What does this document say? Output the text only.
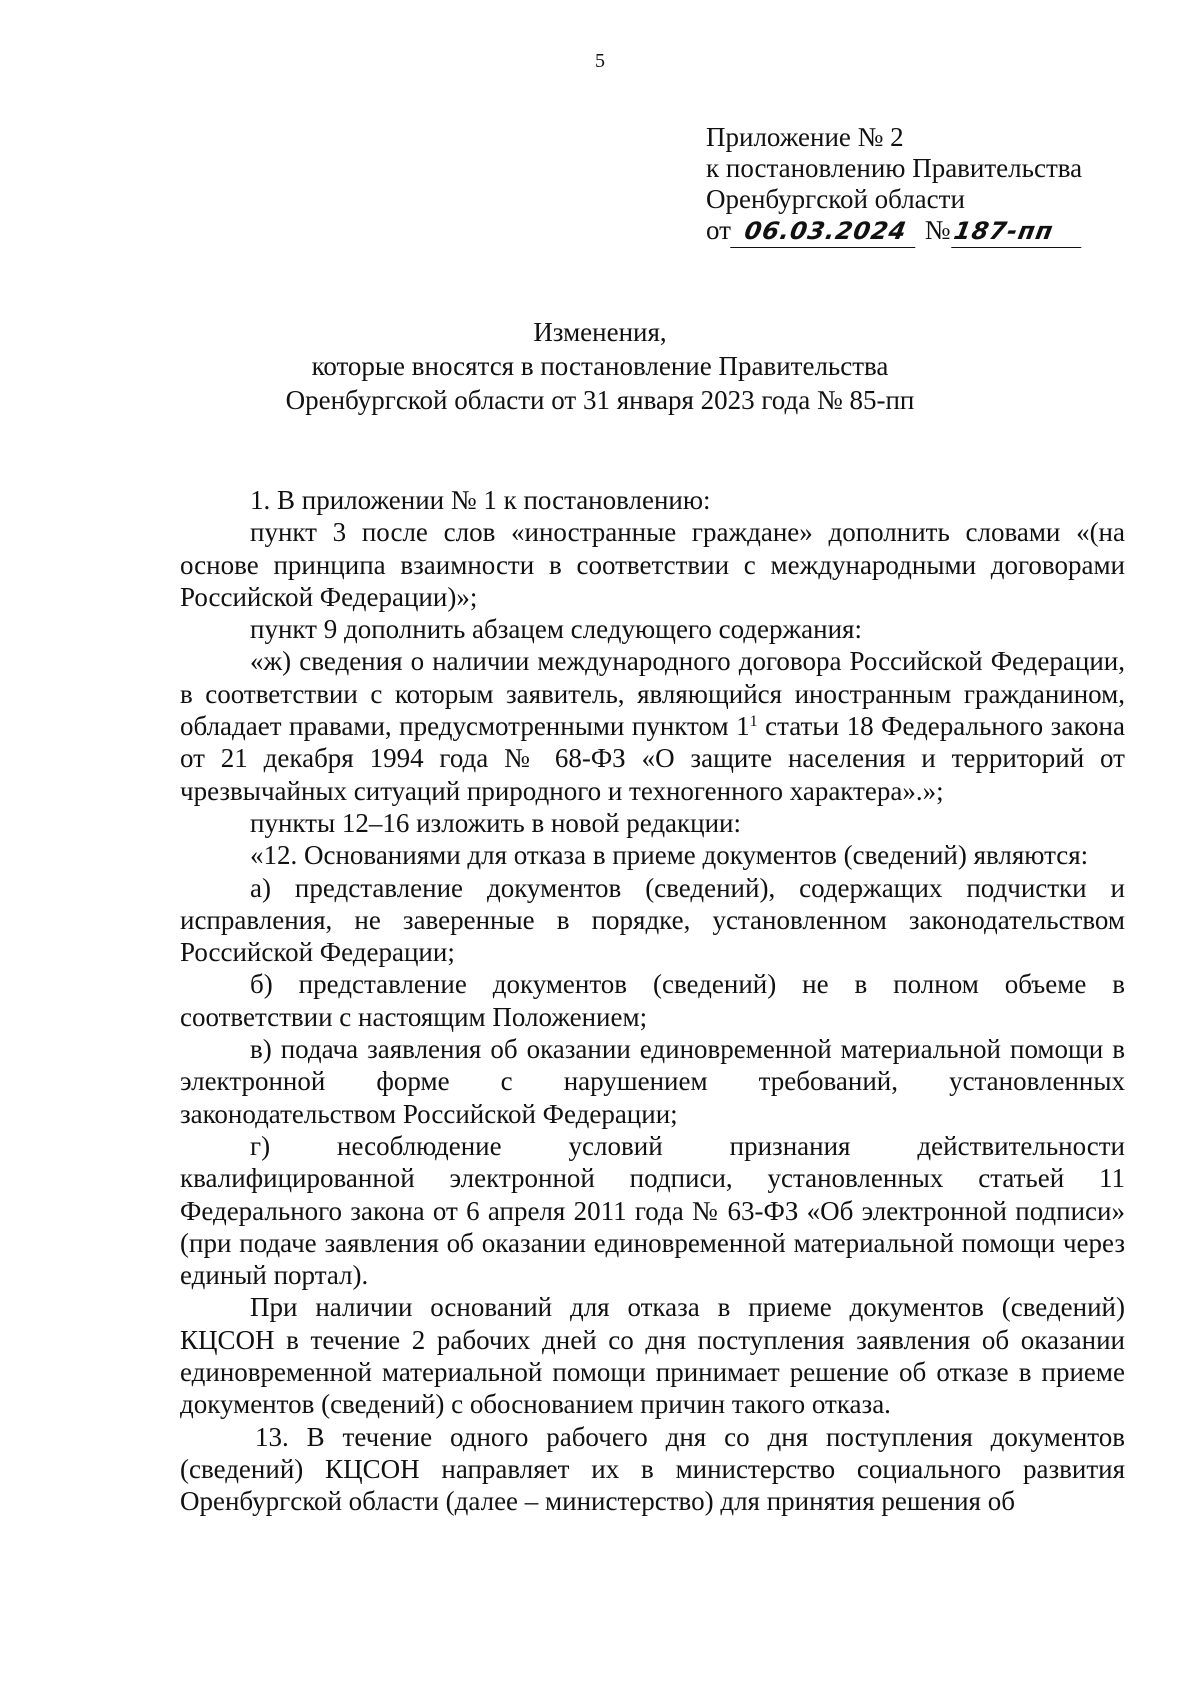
5
Приложение № 2
к постановлению Правительства
Оренбургской области
от 06.03.2024 №187-пп
Изменения,
которые вносятся в постановление Правительства
Оренбургской области от 31 января 2023 года № 85-пп

1. В приложении № 1 к постановлению:

пункт 3 после слов «иностранные граждане» дополнить словами «(на основе принципа взаимности в соответствии с международными договорами Российской Федерации)»;

пункт 9 дополнить абзацем следующего содержания:

«ж) сведения о наличии международного договора Российской Федерации, в соответствии с которым заявитель, являющийся иностранным гражданином, обладает правами, предусмотренными пунктом $1^1$ статьи 18 Федерального закона от 21 декабря 1994 года № 68-ФЗ «О защите населения и территорий от чрезвычайных ситуаций природного и техногенного характера».»;

пункты 12–16 изложить в новой редакции:

«12. Основаниями для отказа в приеме документов (сведений) являются:

а) представление документов (сведений), содержащих подчистки и исправления, не заверенные в порядке, установленном законодательством Российской Федерации;

б) представление документов (сведений) не в полном объеме в соответствии с настоящим Положением;

в) подача заявления об оказании единовременной материальной помощи в электронной форме с нарушением требований, установленных законодательством Российской Федерации;

г) несоблюдение условий признания действительности квалифицированной электронной подписи, установленных статьей 11 Федерального закона от 6 апреля 2011 года № 63-ФЗ «Об электронной подписи» (при подаче заявления об оказании единовременной материальной помощи через единый портал).

При наличии оснований для отказа в приеме документов (сведений) КЦСОН в течение 2 рабочих дней со дня поступления заявления об оказании единовременной материальной помощи принимает решение об отказе в приеме документов (сведений) с обоснованием причин такого отказа.

13. В течение одного рабочего дня со дня поступления документов (сведений) КЦСОН направляет их в министерство социального развития Оренбургской области (далее – министерство) для принятия решения об
